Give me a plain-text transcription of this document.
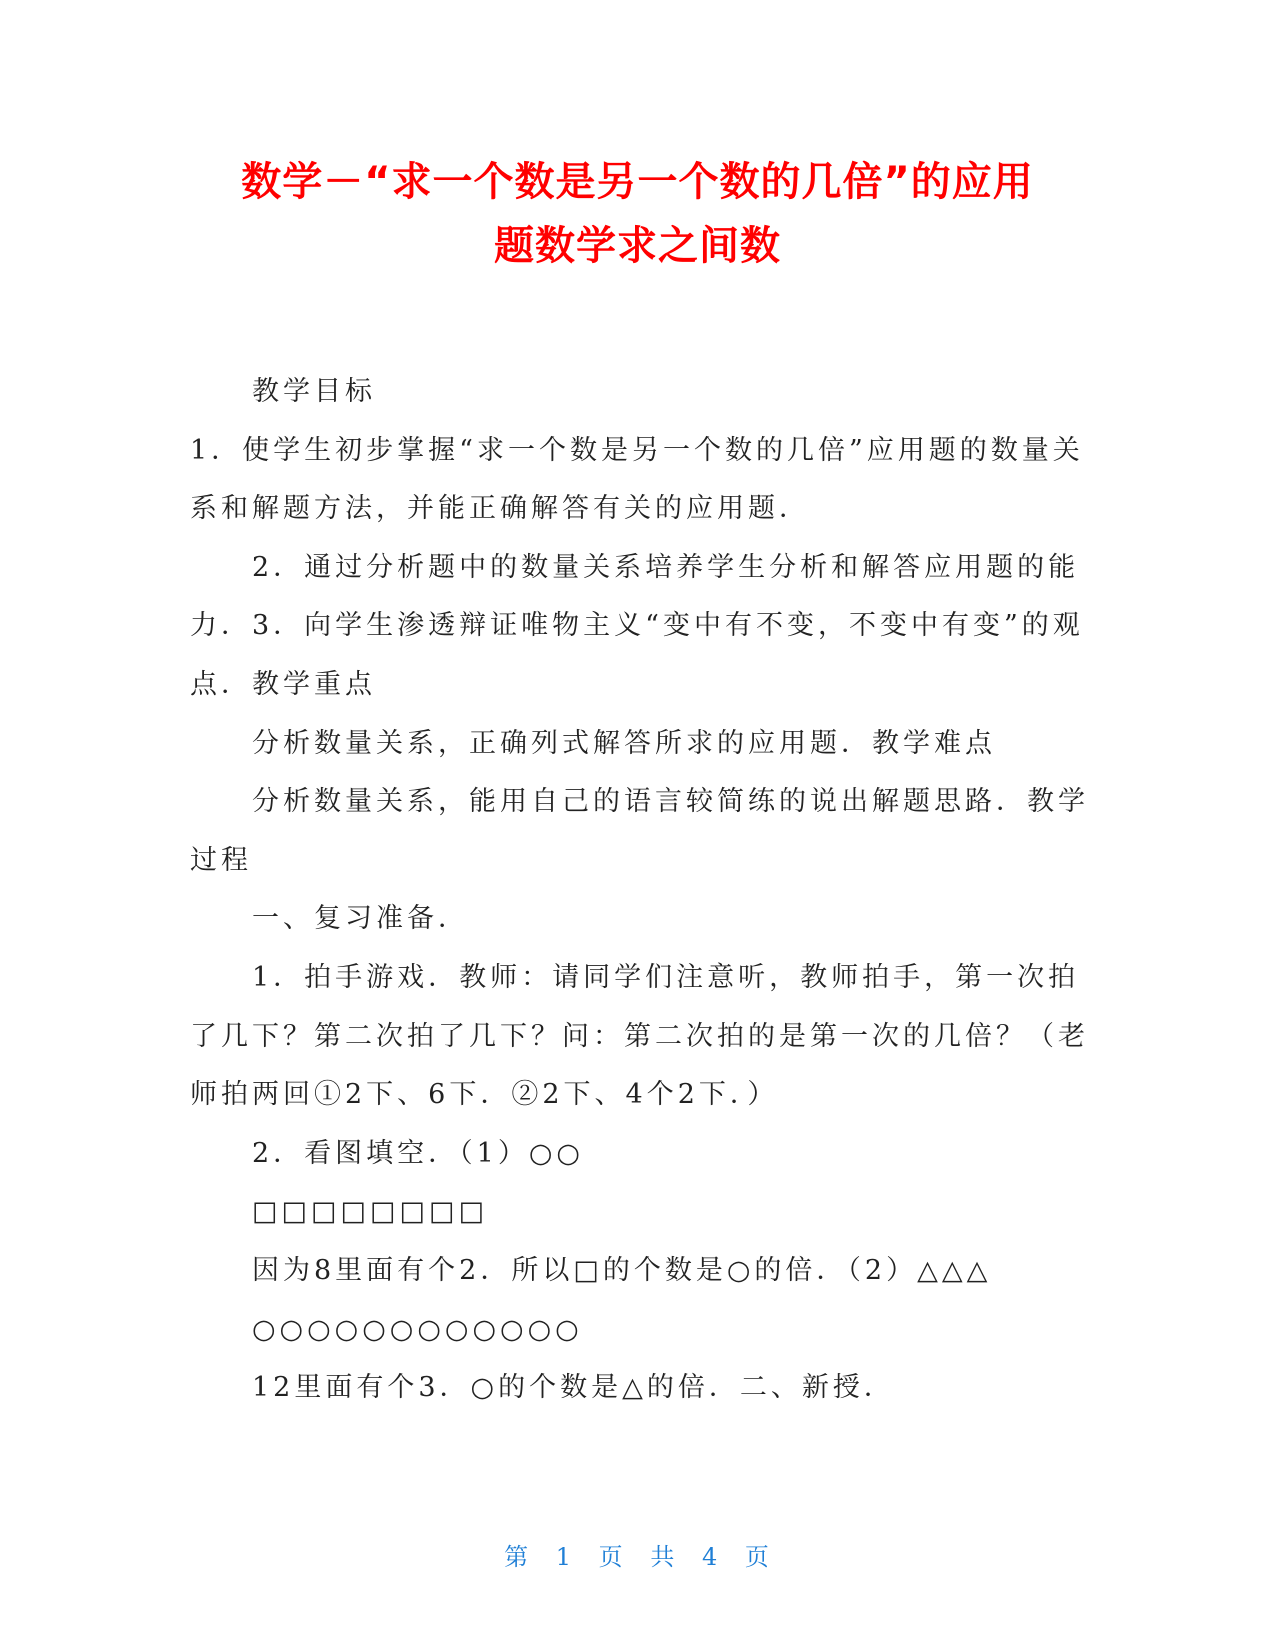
数学－“求一个数是另一个数的几倍”的应用
题数学求之间数

教学目标

1．使学生初步掌握“求一个数是另一个数的几倍”应用题的数量关系和解题方法，并能正确解答有关的应用题．

2．通过分析题中的数量关系培养学生分析和解答应用题的能力．3．向学生渗透辩证唯物主义“变中有不变，不变中有变”的观点．教学重点

分析数量关系，正确列式解答所求的应用题．教学难点

分析数量关系，能用自己的语言较简练的说出解题思路．教学过程

一、复习准备．

1．拍手游戏．教师：请同学们注意听，教师拍手，第一次拍了几下？第二次拍了几下？问：第二次拍的是第一次的几倍？（老师拍两回①2下、6下．②2下、4个2下．）

2．看图填空．（1）○○

□□□□□□□□

因为8里面有个2．所以□的个数是○的倍．（2）△△△

○○○○○○○○○○○○

12里面有个3．○的个数是△的倍．二、新授．

第 1 页 共 4 页
